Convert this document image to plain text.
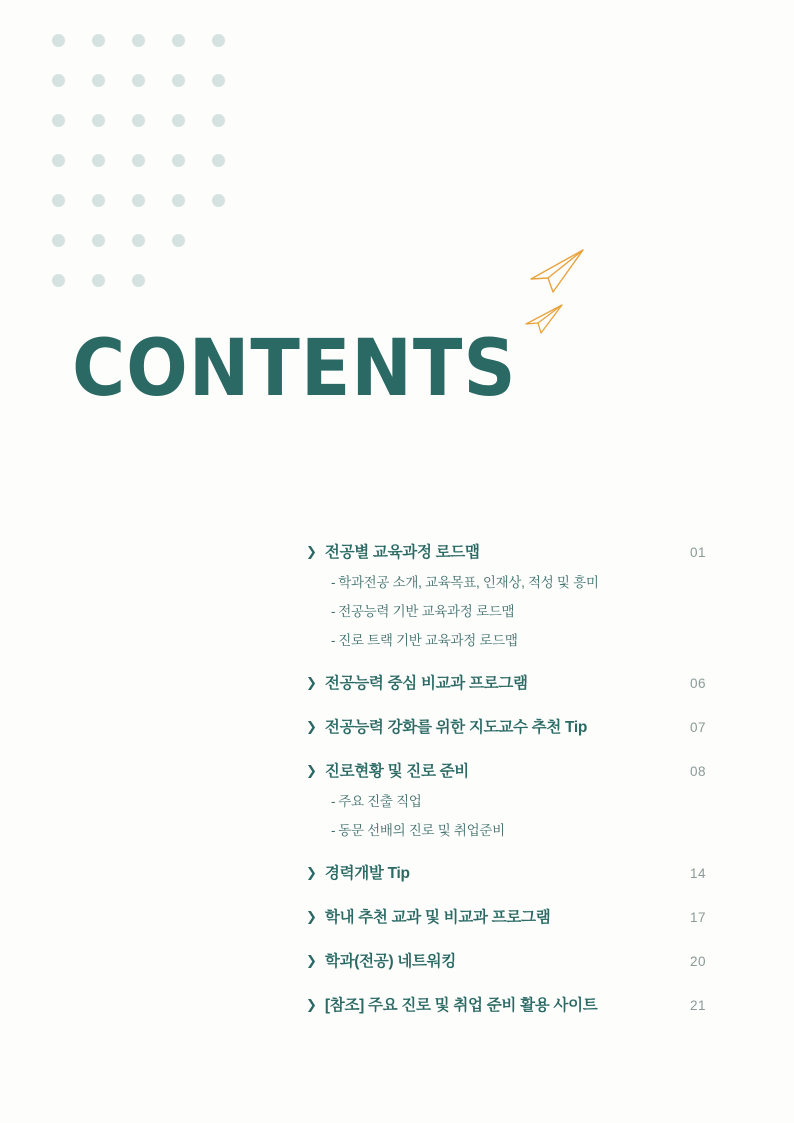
CONTENTS
❯ 전공별 교육과정 로드맵	01
- 학과전공 소개, 교육목표, 인재상, 적성 및 흥미
- 전공능력 기반 교육과정 로드맵
- 진로 트랙 기반 교육과정 로드맵
❯ 전공능력 중심 비교과 프로그램	06
❯ 전공능력 강화를 위한 지도교수 추천 Tip	07
❯ 진로현황 및 진로 준비	08
- 주요 진출 직업
- 동문 선배의 진로 및 취업준비
❯ 경력개발 Tip	14
❯ 학내 추천 교과 및 비교과 프로그램	17
❯ 학과(전공) 네트워킹	20
❯ [참조] 주요 진로 및 취업 준비 활용 사이트	21
